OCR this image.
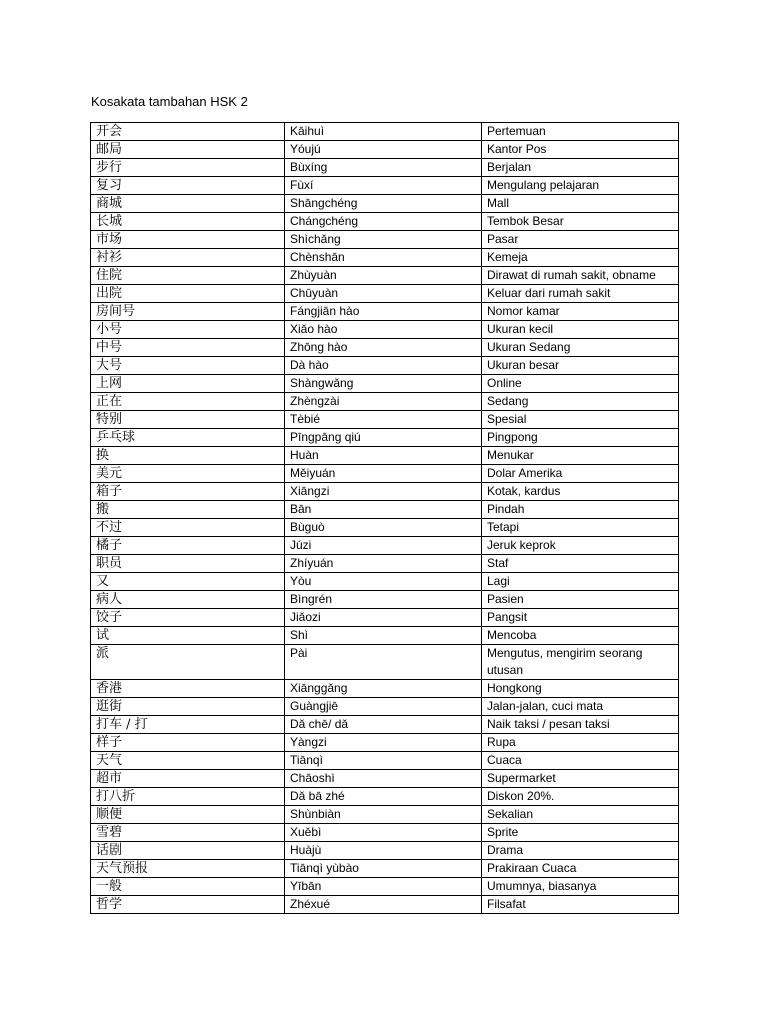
Kosakata tambahan HSK 2
开会	Kāihuì	Pertemuan
邮局	Yóujú	Kantor Pos
步行	Bùxíng	Berjalan
复习	Fùxí	Mengulang pelajaran
商城	Shāngchéng	Mall
长城	Chángchéng	Tembok Besar
市场	Shìchǎng	Pasar
衬衫	Chènshān	Kemeja
住院	Zhùyuàn	Dirawat di rumah sakit, obname
出院	Chūyuàn	Keluar dari rumah sakit
房间号	Fángjiān hào	Nomor kamar
小号	Xiǎo hào	Ukuran kecil
中号	Zhōng hào	Ukuran Sedang
大号	Dà hào	Ukuran besar
上网	Shàngwǎng	Online
正在	Zhèngzài	Sedang
特别	Tèbié	Spesial
乒乓球	Pīngpāng qiú	Pingpong
换	Huàn	Menukar
美元	Měiyuán	Dolar Amerika
箱子	Xiāngzi	Kotak, kardus
搬	Bān	Pindah
不过	Bùguò	Tetapi
橘子	Júzi	Jeruk keprok
职员	Zhíyuán	Staf
又	Yòu	Lagi
病人	Bìngrén	Pasien
饺子	Jiǎozi	Pangsit
试	Shì	Mencoba
派	Pài	Mengutus, mengirim seorang utusan
香港	Xiānggǎng	Hongkong
逛街	Guàngjiē	Jalan-jalan, cuci mata
打车 / 打	Dǎ chē/ dǎ	Naik taksi / pesan taksi
样子	Yàngzi	Rupa
天气	Tiānqì	Cuaca
超市	Chāoshì	Supermarket
打八折	Dǎ bā zhé	Diskon 20%.
顺便	Shùnbiàn	Sekalian
雪碧	Xuěbì	Sprite
话剧	Huàjù	Drama
天气预报	Tiānqì yùbào	Prakiraan Cuaca
一般	Yībān	Umumnya, biasanya
哲学	Zhéxué	Filsafat
